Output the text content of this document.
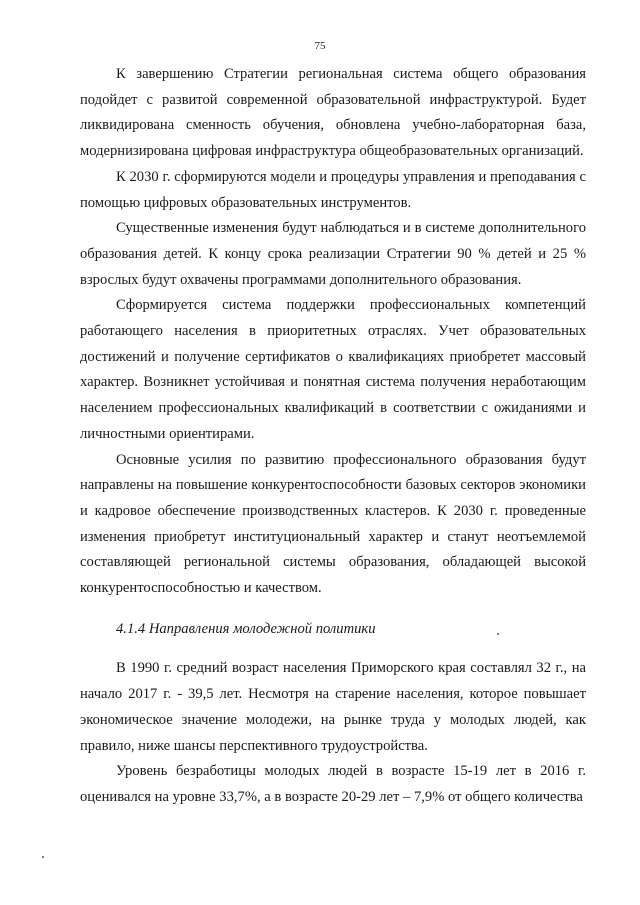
75

К завершению Стратегии региональная система общего образования подойдет с развитой современной образовательной инфраструктурой. Будет ликвидирована сменность обучения, обновлена учебно-лабораторная база, модернизирована цифровая инфраструктура общеобразовательных организаций.

К 2030 г. сформируются модели и процедуры управления и преподавания с помощью цифровых образовательных инструментов.

Существенные изменения будут наблюдаться и в системе дополнительного образования детей. К концу срока реализации Стратегии 90 % детей и 25 % взрослых будут охвачены программами дополнительного образования.

Сформируется система поддержки профессиональных компетенций работающего населения в приоритетных отраслях. Учет образовательных достижений и получение сертификатов о квалификациях приобретет массовый характер. Возникнет устойчивая и понятная система получения неработающим населением профессиональных квалификаций в соответствии с ожиданиями и личностными ориентирами.

Основные усилия по развитию профессионального образования будут направлены на повышение конкурентоспособности базовых секторов экономики и кадровое обеспечение производственных кластеров. К 2030 г. проведенные изменения приобретут институциональный характер и станут неотъемлемой составляющей региональной системы образования, обладающей высокой конкурентоспособностью и качеством.

4.1.4 Направления молодежной политики

В 1990 г. средний возраст населения Приморского края составлял 32 г., на начало 2017 г. - 39,5 лет. Несмотря на старение населения, которое повышает экономическое значение молодежи, на рынке труда у молодых людей, как правило, ниже шансы перспективного трудоустройства.

Уровень безработицы молодых людей в возрасте 15-19 лет в 2016 г. оценивался на уровне 33,7%, а в возрасте 20-29 лет – 7,9% от общего количества
